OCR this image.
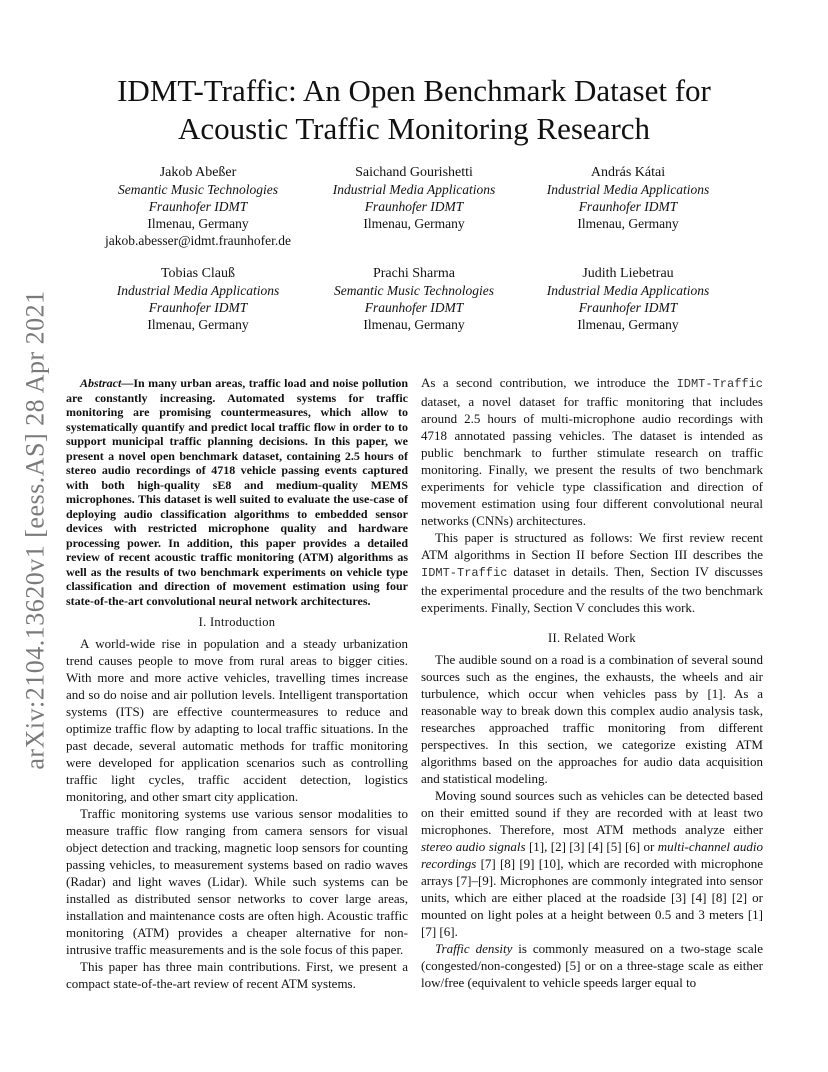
arXiv:2104.13620v1 [eess.AS] 28 Apr 2021
IDMT-Traffic: An Open Benchmark Dataset for
Acoustic Traffic Monitoring Research
Jakob Abeßer
Semantic Music Technologies
Fraunhofer IDMT
Ilmenau, Germany
jakob.abesser@idmt.fraunhofer.de
Saichand Gourishetti
Industrial Media Applications
Fraunhofer IDMT
Ilmenau, Germany
András Kátai
Industrial Media Applications
Fraunhofer IDMT
Ilmenau, Germany
Tobias Clauß
Industrial Media Applications
Fraunhofer IDMT
Ilmenau, Germany
Prachi Sharma
Semantic Music Technologies
Fraunhofer IDMT
Ilmenau, Germany
Judith Liebetrau
Industrial Media Applications
Fraunhofer IDMT
Ilmenau, Germany

Abstract—In many urban areas, traffic load and noise pollution are constantly increasing. Automated systems for traffic monitoring are promising countermeasures, which allow to systematically quantify and predict local traffic flow in order to to support municipal traffic planning decisions. In this paper, we present a novel open benchmark dataset, containing 2.5 hours of stereo audio recordings of 4718 vehicle passing events captured with both high-quality sE8 and medium-quality MEMS microphones. This dataset is well suited to evaluate the use-case of deploying audio classification algorithms to embedded sensor devices with restricted microphone quality and hardware processing power. In addition, this paper provides a detailed review of recent acoustic traffic monitoring (ATM) algorithms as well as the results of two benchmark experiments on vehicle type classification and direction of movement estimation using four state-of-the-art convolutional neural network architectures.

I. Introduction

A world-wide rise in population and a steady urbanization trend causes people to move from rural areas to bigger cities. With more and more active vehicles, travelling times increase and so do noise and air pollution levels. Intelligent transportation systems (ITS) are effective countermeasures to reduce and optimize traffic flow by adapting to local traffic situations. In the past decade, several automatic methods for traffic monitoring were developed for application scenarios such as controlling traffic light cycles, traffic accident detection, logistics monitoring, and other smart city application.

Traffic monitoring systems use various sensor modalities to measure traffic flow ranging from camera sensors for visual object detection and tracking, magnetic loop sensors for counting passing vehicles, to measurement systems based on radio waves (Radar) and light waves (Lidar). While such systems can be installed as distributed sensor networks to cover large areas, installation and maintenance costs are often high. Acoustic traffic monitoring (ATM) provides a cheaper alternative for non-intrusive traffic measurements and is the sole focus of this paper.

This paper has three main contributions. First, we present a compact state-of-the-art review of recent ATM systems.

As a second contribution, we introduce the IDMT-Traffic dataset, a novel dataset for traffic monitoring that includes around 2.5 hours of multi-microphone audio recordings with 4718 annotated passing vehicles. The dataset is intended as public benchmark to further stimulate research on traffic monitoring. Finally, we present the results of two benchmark experiments for vehicle type classification and direction of movement estimation using four different convolutional neural networks (CNNs) architectures.

This paper is structured as follows: We first review recent ATM algorithms in Section II before Section III describes the IDMT-Traffic dataset in details. Then, Section IV discusses the experimental procedure and the results of the two benchmark experiments. Finally, Section V concludes this work.

II. Related Work

The audible sound on a road is a combination of several sound sources such as the engines, the exhausts, the wheels and air turbulence, which occur when vehicles pass by [1]. As a reasonable way to break down this complex audio analysis task, researches approached traffic monitoring from different perspectives. In this section, we categorize existing ATM algorithms based on the approaches for audio data acquisition and statistical modeling.

Moving sound sources such as vehicles can be detected based on their emitted sound if they are recorded with at least two microphones. Therefore, most ATM methods analyze either stereo audio signals [1], [2] [3] [4] [5] [6] or multi-channel audio recordings [7] [8] [9] [10], which are recorded with microphone arrays [7]–[9]. Microphones are commonly integrated into sensor units, which are either placed at the roadside [3] [4] [8] [2] or mounted on light poles at a height between 0.5 and 3 meters [1] [7] [6].

Traffic density is commonly measured on a two-stage scale (congested/non-congested) [5] or on a three-stage scale as either low/free (equivalent to vehicle speeds larger equal to
